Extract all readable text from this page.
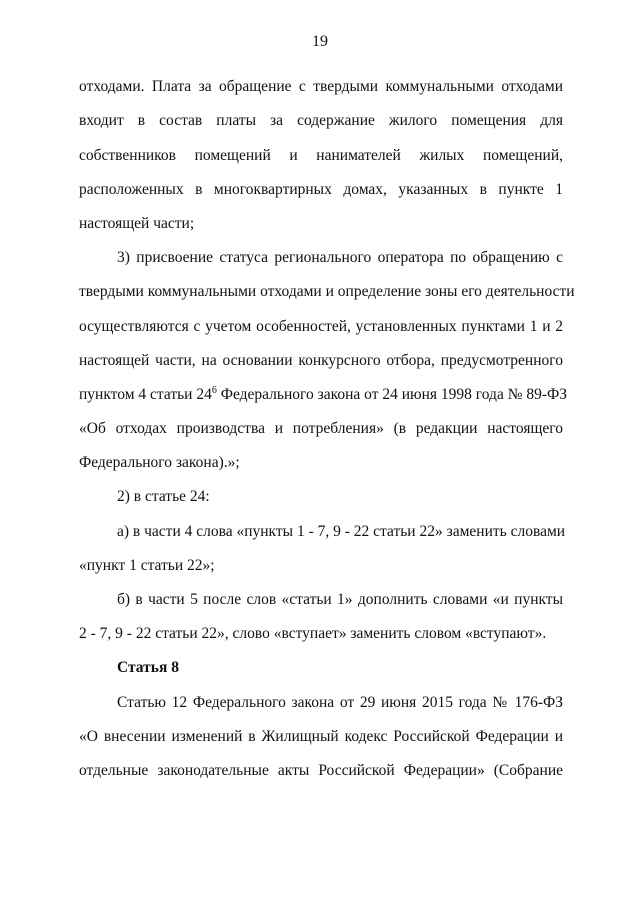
19
отходами. Плата за обращение с твердыми коммунальными отходами
входит в состав платы за содержание жилого помещения для
собственников помещений и нанимателей жилых помещений,
расположенных в многоквартирных домах, указанных в пункте 1
настоящей части;
3) присвоение статуса регионального оператора по обращению с
твердыми коммунальными отходами и определение зоны его деятельности
осуществляются с учетом особенностей, установленных пунктами 1 и 2
настоящей части, на основании конкурсного отбора, предусмотренного
пунктом 4 статьи $24^6$ Федерального закона от 24 июня 1998 года № 89-ФЗ
«Об отходах производства и потребления» (в редакции настоящего
Федерального закона).»;
2) в статье 24:
а) в части 4 слова «пункты 1 - 7, 9 - 22 статьи 22» заменить словами
«пункт 1 статьи 22»;
б) в части 5 после слов «статьи 1» дополнить словами «и пункты
2 - 7, 9 - 22 статьи 22», слово «вступает» заменить словом «вступают».
Статья 8
Статью 12 Федерального закона от 29 июня 2015 года № 176-ФЗ
«О внесении изменений в Жилищный кодекс Российской Федерации и
отдельные законодательные акты Российской Федерации» (Собрание
